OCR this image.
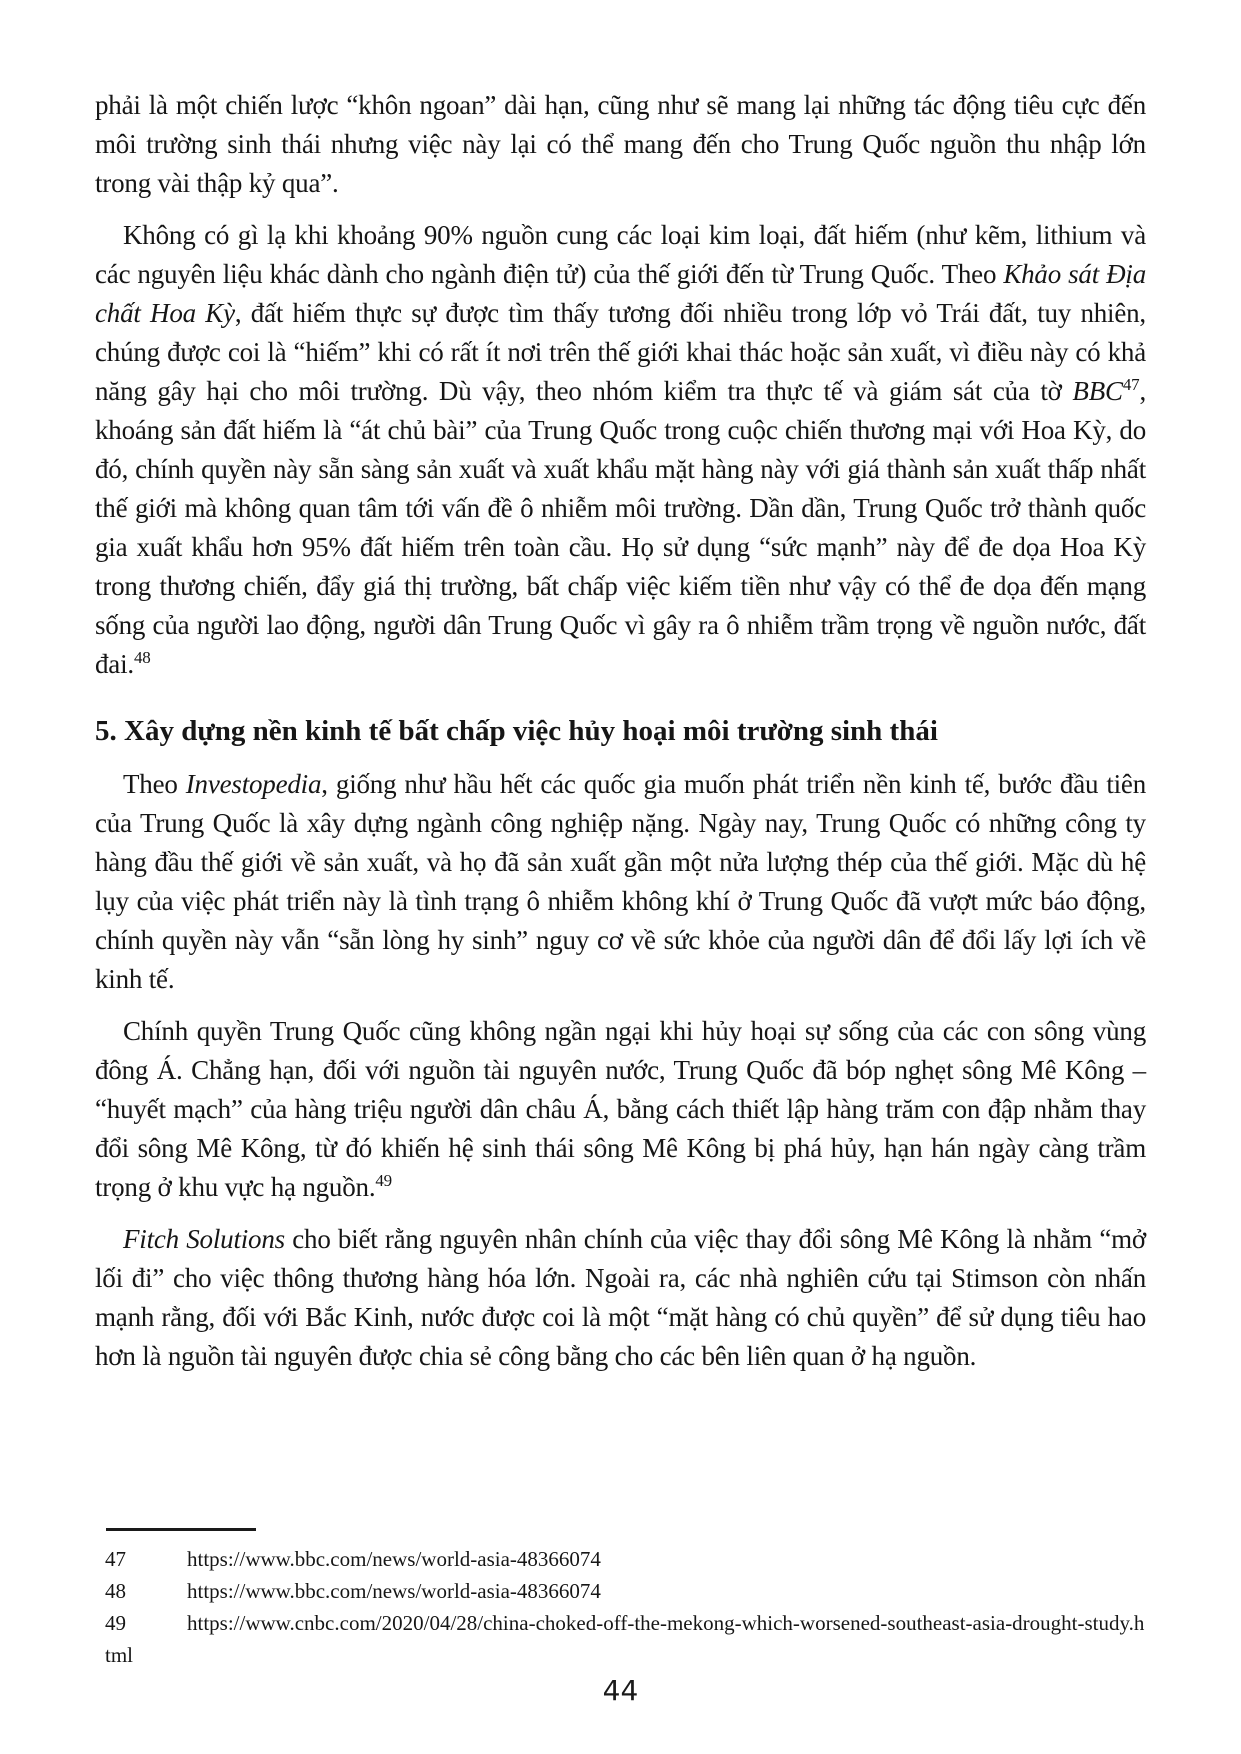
phải là một chiến lược “khôn ngoan” dài hạn, cũng như sẽ mang lại những tác động tiêu cực đến môi trường sinh thái nhưng việc này lại có thể mang đến cho Trung Quốc nguồn thu nhập lớn trong vài thập kỷ qua”.

Không có gì lạ khi khoảng 90% nguồn cung các loại kim loại, đất hiếm (như kẽm, lithium và các nguyên liệu khác dành cho ngành điện tử) của thế giới đến từ Trung Quốc. Theo Khảo sát Địa chất Hoa Kỳ, đất hiếm thực sự được tìm thấy tương đối nhiều trong lớp vỏ Trái đất, tuy nhiên, chúng được coi là “hiếm” khi có rất ít nơi trên thế giới khai thác hoặc sản xuất, vì điều này có khả năng gây hại cho môi trường. Dù vậy, theo nhóm kiểm tra thực tế và giám sát của tờ BBC$^{47}$, khoáng sản đất hiếm là “át chủ bài” của Trung Quốc trong cuộc chiến thương mại với Hoa Kỳ, do đó, chính quyền này sẵn sàng sản xuất và xuất khẩu mặt hàng này với giá thành sản xuất thấp nhất thế giới mà không quan tâm tới vấn đề ô nhiễm môi trường. Dần dần, Trung Quốc trở thành quốc gia xuất khẩu hơn 95% đất hiếm trên toàn cầu. Họ sử dụng “sức mạnh” này để đe dọa Hoa Kỳ trong thương chiến, đẩy giá thị trường, bất chấp việc kiếm tiền như vậy có thể đe dọa đến mạng sống của người lao động, người dân Trung Quốc vì gây ra ô nhiễm trầm trọng về nguồn nước, đất đai.$^{48}$

5. Xây dựng nền kinh tế bất chấp việc hủy hoại môi trường sinh thái

Theo Investopedia, giống như hầu hết các quốc gia muốn phát triển nền kinh tế, bước đầu tiên của Trung Quốc là xây dựng ngành công nghiệp nặng. Ngày nay, Trung Quốc có những công ty hàng đầu thế giới về sản xuất, và họ đã sản xuất gần một nửa lượng thép của thế giới. Mặc dù hệ lụy của việc phát triển này là tình trạng ô nhiễm không khí ở Trung Quốc đã vượt mức báo động, chính quyền này vẫn “sẵn lòng hy sinh” nguy cơ về sức khỏe của người dân để đổi lấy lợi ích về kinh tế.

Chính quyền Trung Quốc cũng không ngần ngại khi hủy hoại sự sống của các con sông vùng đông Á. Chẳng hạn, đối với nguồn tài nguyên nước, Trung Quốc đã bóp nghẹt sông Mê Kông – “huyết mạch” của hàng triệu người dân châu Á, bằng cách thiết lập hàng trăm con đập nhằm thay đổi sông Mê Kông, từ đó khiến hệ sinh thái sông Mê Kông bị phá hủy, hạn hán ngày càng trầm trọng ở khu vực hạ nguồn.$^{49}$

Fitch Solutions cho biết rằng nguyên nhân chính của việc thay đổi sông Mê Kông là nhằm “mở lối đi” cho việc thông thương hàng hóa lớn. Ngoài ra, các nhà nghiên cứu tại Stimson còn nhấn mạnh rằng, đối với Bắc Kinh, nước được coi là một “mặt hàng có chủ quyền” để sử dụng tiêu hao hơn là nguồn tài nguyên được chia sẻ công bằng cho các bên liên quan ở hạ nguồn.

47	https://www.bbc.com/news/world-asia-48366074
48	https://www.bbc.com/news/world-asia-48366074
49	https://www.cnbc.com/2020/04/28/china-choked-off-the-mekong-which-worsened-southeast-asia-drought-study.html
44
